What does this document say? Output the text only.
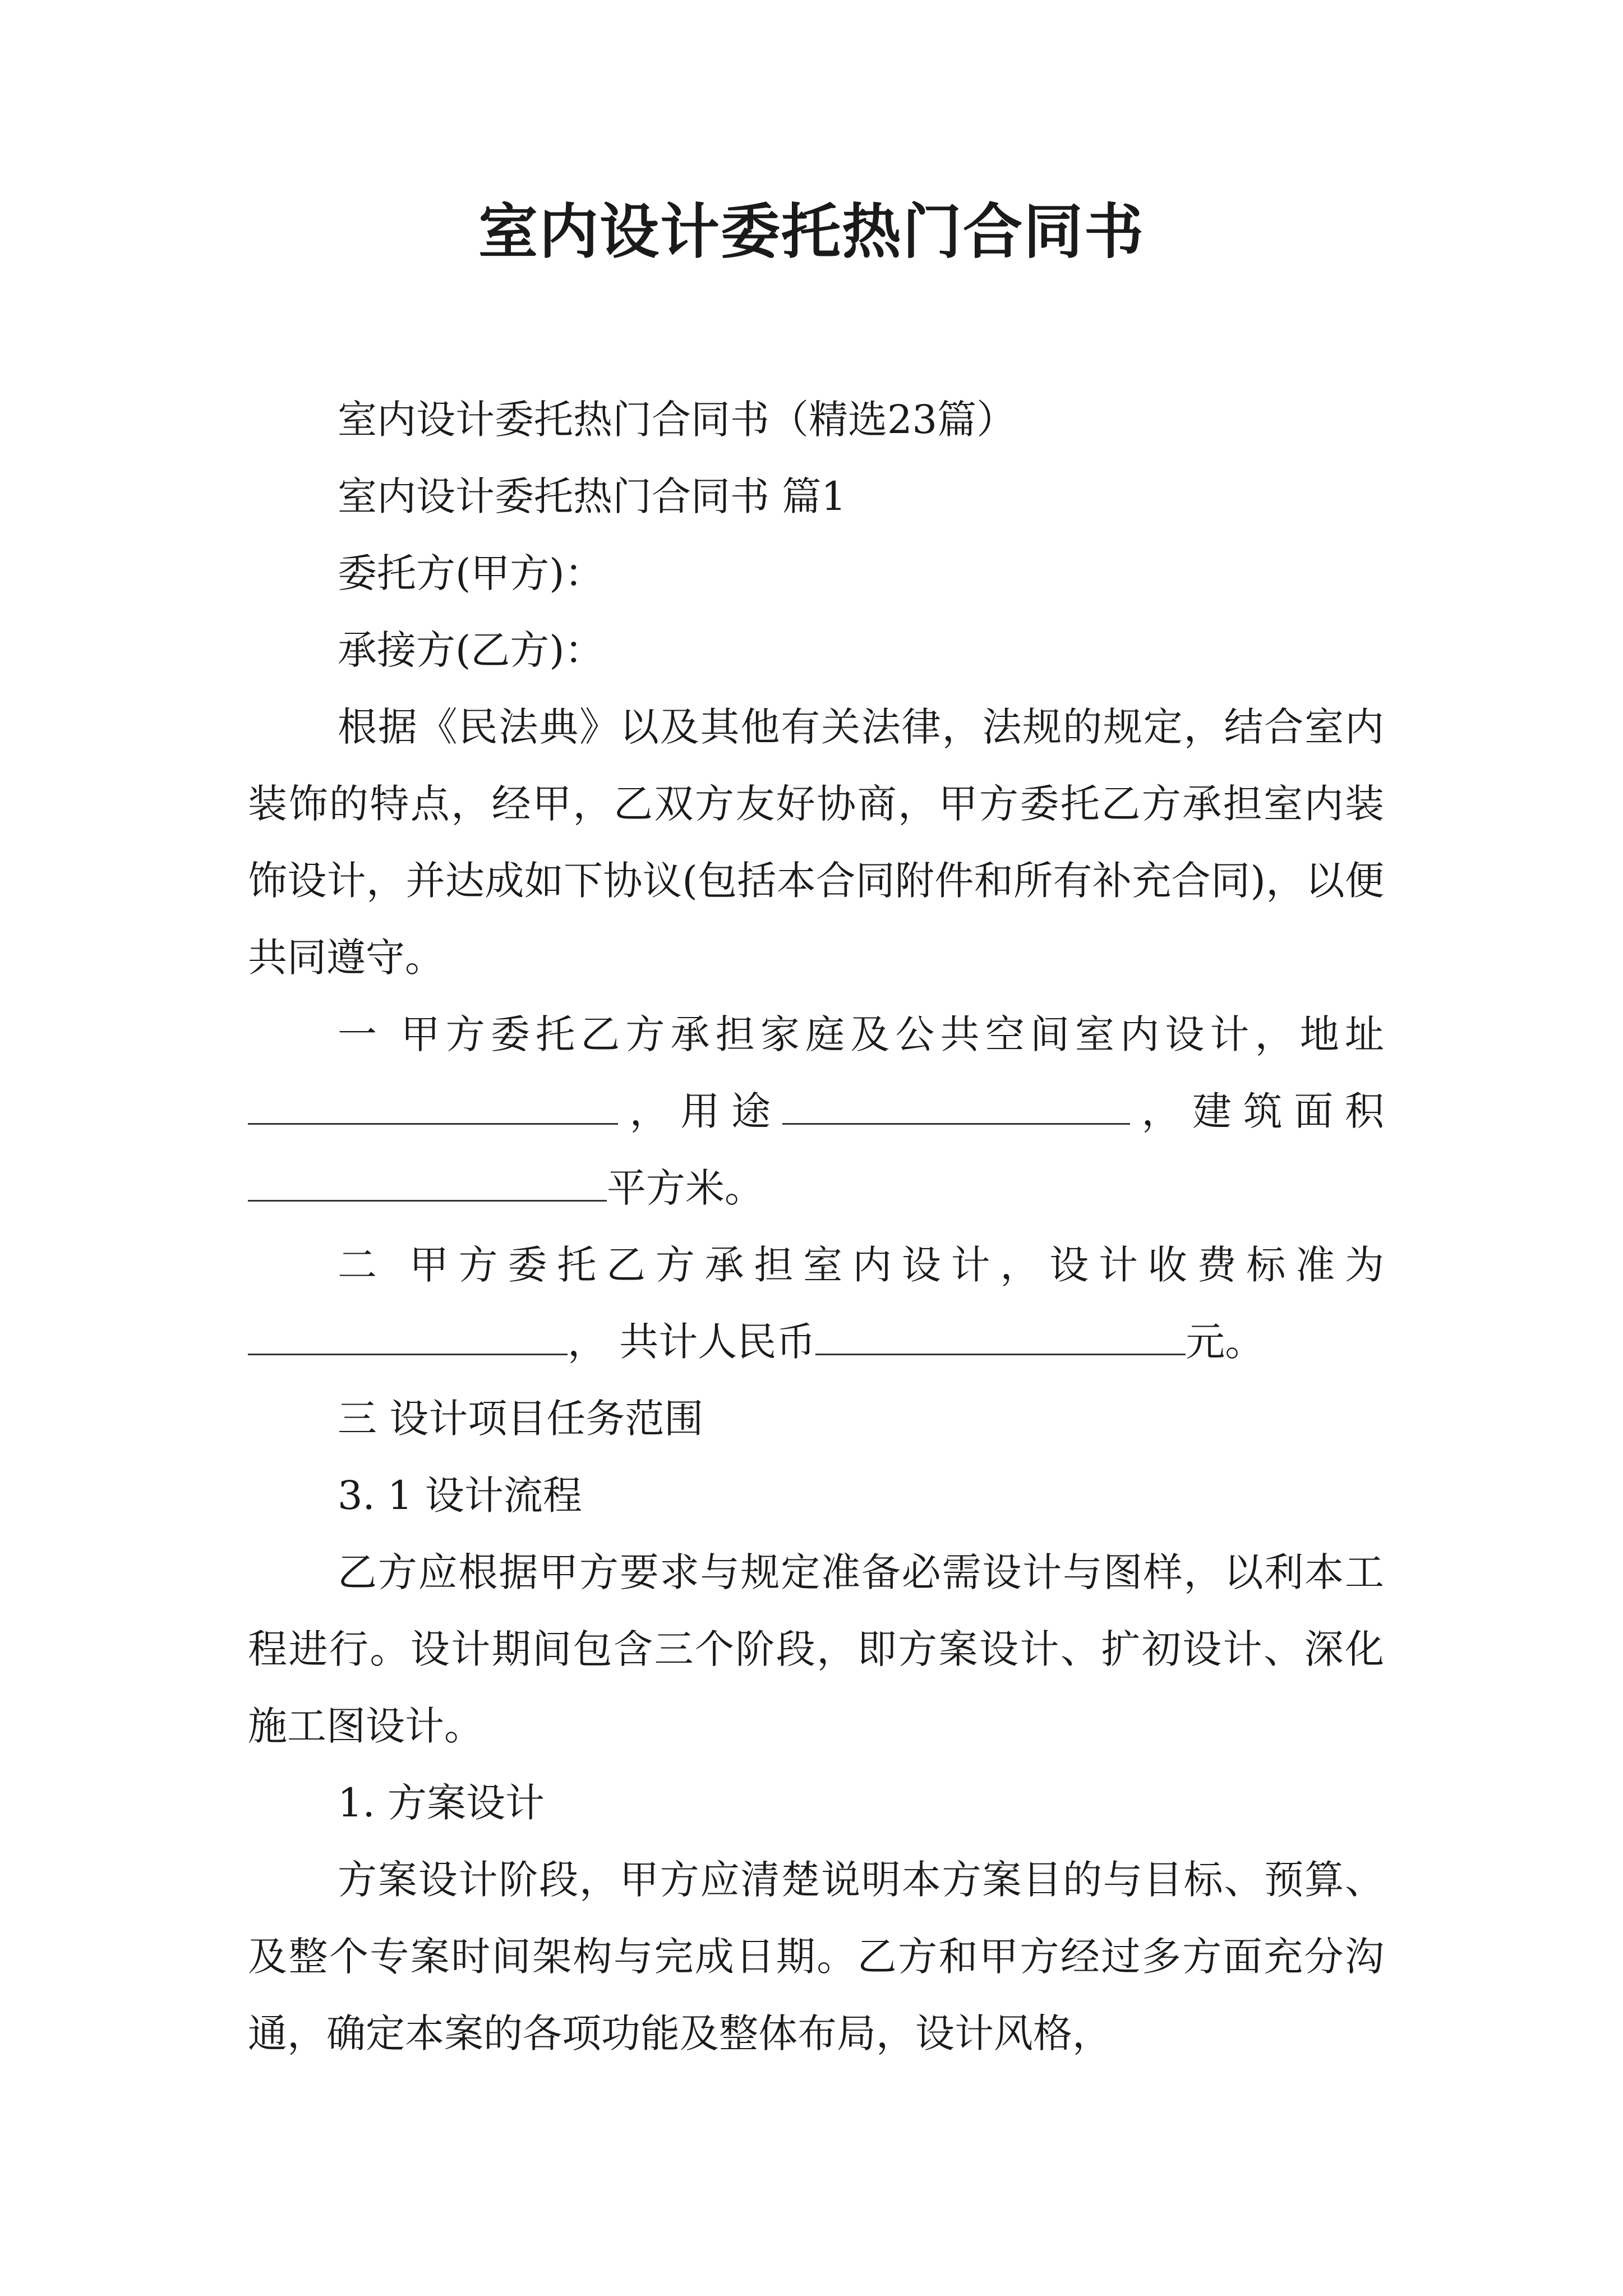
室内设计委托热门合同书

室内设计委托热门合同书（精选23篇）

室内设计委托热门合同书 篇1

委托方(甲方)：

承接方(乙方)：

根据《民法典》以及其他有关法律，法规的规定，结合室内装饰的特点，经甲，乙双方友好协商，甲方委托乙方承担室内装饰设计，并达成如下协议(包括本合同附件和所有补充合同)，以便共同遵守。

一 甲方委托乙方承担家庭及公共空间室内设计，地址，用途	，建筑面积平方米。

二 甲方委托乙方承担室内设计，设计收费标准为， 共计人民币	元。

三 设计项目任务范围

3. 1 设计流程

乙方应根据甲方要求与规定准备必需设计与图样，以利本工程进行。设计期间包含三个阶段，即方案设计、扩初设计、深化施工图设计。

1. 方案设计

方案设计阶段，甲方应清楚说明本方案目的与目标、预算、及整个专案时间架构与完成日期。乙方和甲方经过多方面充分沟通，确定本案的各项功能及整体布局，设计风格，
